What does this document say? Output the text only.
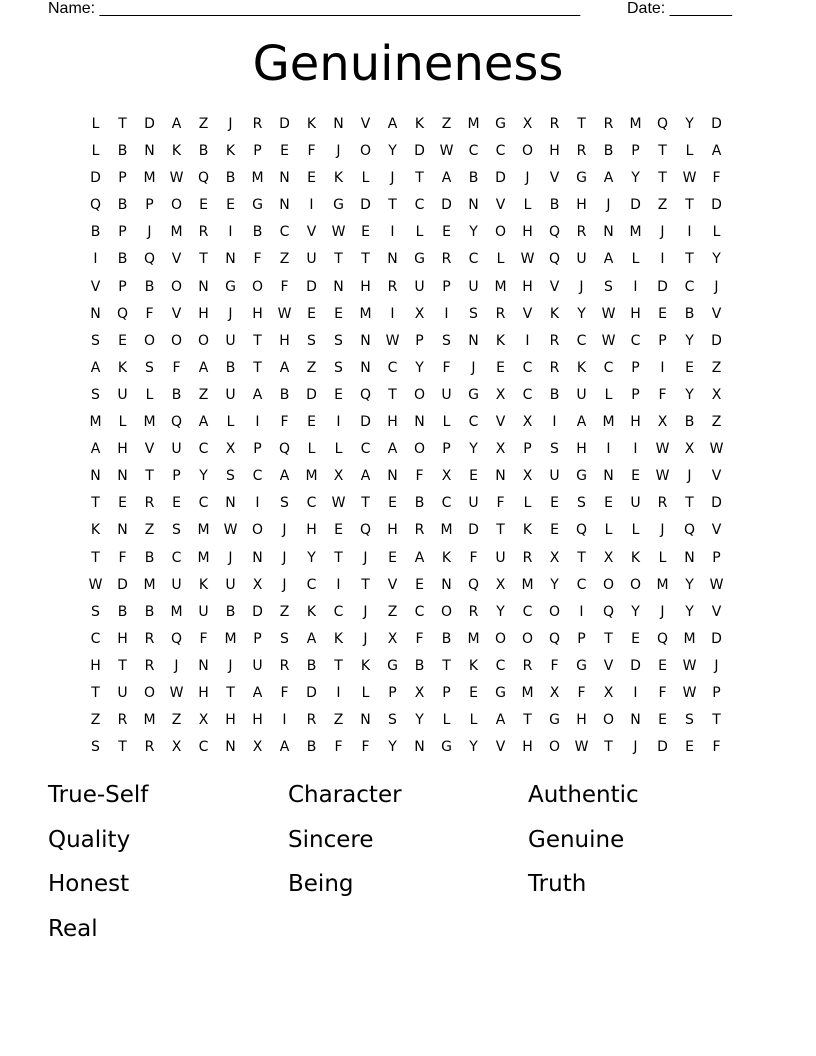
Name: ______________________________________________________	Date: _______
Genuineness
L	T	D	A	Z	J	R	D	K	N	V	A	K	Z	M	G	X	R	T	R	M	Q	Y	D
L	B	N	K	B	K	P	E	F	J	O	Y	D	W	C	C	O	H	R	B	P	T	L	A
D	P	M	W	Q	B	M	N	E	K	L	J	T	A	B	D	J	V	G	A	Y	T	W	F
Q	B	P	O	E	E	G	N	I	G	D	T	C	D	N	V	L	B	H	J	D	Z	T	D
B	P	J	M	R	I	B	C	V	W	E	I	L	E	Y	O	H	Q	R	N	M	J	I	L
I	B	Q	V	T	N	F	Z	U	T	T	N	G	R	C	L	W	Q	U	A	L	I	T	Y
V	P	B	O	N	G	O	F	D	N	H	R	U	P	U	M	H	V	J	S	I	D	C	J
N	Q	F	V	H	J	H	W	E	E	M	I	X	I	S	R	V	K	Y	W	H	E	B	V
S	E	O	O	O	U	T	H	S	S	N	W	P	S	N	K	I	R	C	W	C	P	Y	D
A	K	S	F	A	B	T	A	Z	S	N	C	Y	F	J	E	C	R	K	C	P	I	E	Z
S	U	L	B	Z	U	A	B	D	E	Q	T	O	U	G	X	C	B	U	L	P	F	Y	X
M	L	M	Q	A	L	I	F	E	I	D	H	N	L	C	V	X	I	A	M	H	X	B	Z
A	H	V	U	C	X	P	Q	L	L	C	A	O	P	Y	X	P	S	H	I	I	W	X	W
N	N	T	P	Y	S	C	A	M	X	A	N	F	X	E	N	X	U	G	N	E	W	J	V
T	E	R	E	C	N	I	S	C	W	T	E	B	C	U	F	L	E	S	E	U	R	T	D
K	N	Z	S	M	W	O	J	H	E	Q	H	R	M	D	T	K	E	Q	L	L	J	Q	V
T	F	B	C	M	J	N	J	Y	T	J	E	A	K	F	U	R	X	T	X	K	L	N	P
W	D	M	U	K	U	X	J	C	I	T	V	E	N	Q	X	M	Y	C	O	O	M	Y	W
S	B	B	M	U	B	D	Z	K	C	J	Z	C	O	R	Y	C	O	I	Q	Y	J	Y	V
C	H	R	Q	F	M	P	S	A	K	J	X	F	B	M	O	O	Q	P	T	E	Q	M	D
H	T	R	J	N	J	U	R	B	T	K	G	B	T	K	C	R	F	G	V	D	E	W	J
T	U	O	W	H	T	A	F	D	I	L	P	X	P	E	G	M	X	F	X	I	F	W	P
Z	R	M	Z	X	H	H	I	R	Z	N	S	Y	L	L	A	T	G	H	O	N	E	S	T
S	T	R	X	C	N	X	A	B	F	F	Y	N	G	Y	V	H	O	W	T	J	D	E	F
True-Self	Character	Authentic
Quality	Sincere	Genuine
Honest	Being	Truth
Real
